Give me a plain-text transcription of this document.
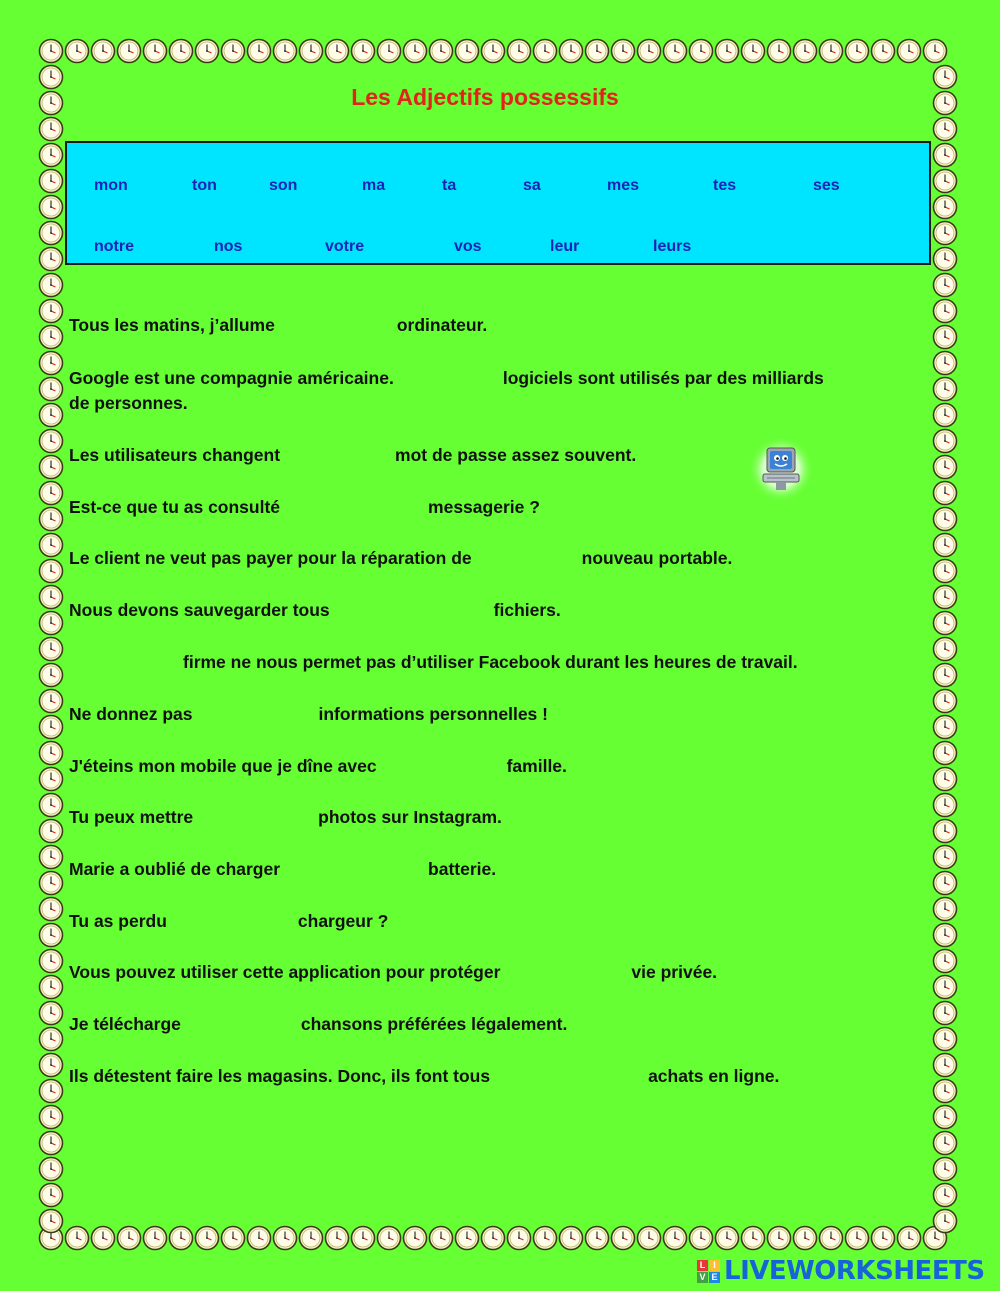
Les Adjectifs possessifs
mon	ton	son	ma	ta	sa	mes	tes	ses
notre	nos	votre	vos	leur	leurs
Tous les matins, j’allume	ordinateur.
Google est une compagnie américaine.	logiciels sont utilisés par des milliards
de personnes.
Les utilisateurs changent	mot de passe assez souvent.
Est-ce que tu as consulté	messagerie ?
Le client ne veut pas payer pour la réparation de	nouveau portable.
Nous devons sauvegarder tous	fichiers.
firme ne nous permet pas d’utiliser Facebook durant les heures de travail.
Ne donnez pas	informations personnelles !
J'éteins mon mobile que je dîne avec	famille.
Tu peux mettre	photos sur Instagram.
Marie a oublié de charger	batterie.
Tu as perdu	chargeur ?
Vous pouvez utiliser cette application pour protéger	vie privée.
Je télécharge	chansons préférées légalement.
Ils détestent faire les magasins. Donc, ils font tous	achats en ligne.
L I
V E LIVEWORKSHEETS
